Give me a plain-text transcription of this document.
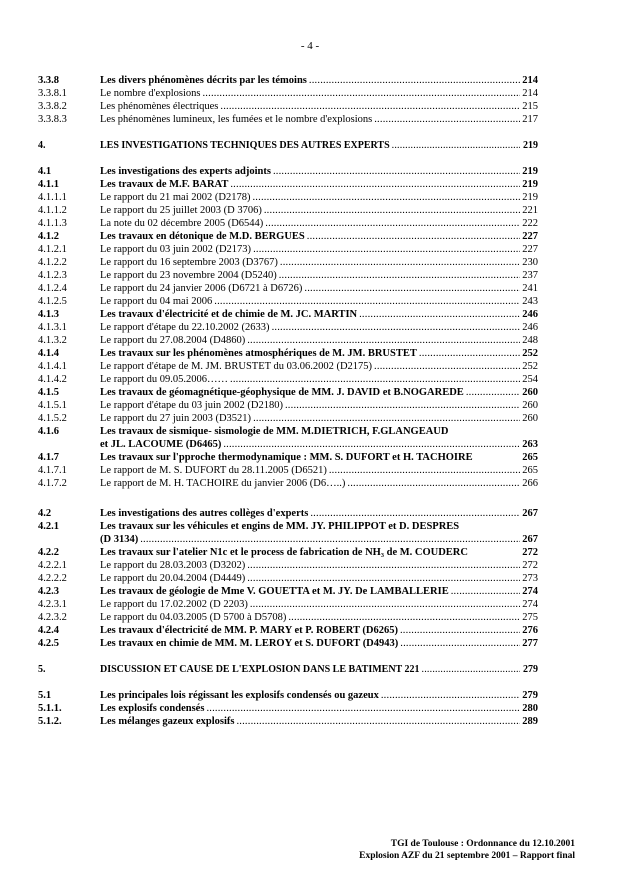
- 4 -
3.3.8	Les divers phénomènes décrits par les témoins .....	214
3.3.8.1	Le nombre d'explosions .....	214
3.3.8.2	Les phénomènes électriques .....	215
3.3.8.3	Les phénomènes lumineux, les fumées et le nombre d'explosions .....	217
4.	LES INVESTIGATIONS TECHNIQUES DES AUTRES EXPERTS .....	219
4.1	Les investigations des experts adjoints .....	219
4.1.1	Les travaux de M.F. BARAT .....	219
4.1.1.1	Le rapport du 21 mai 2002 (D2178) .....	219
4.1.1.2	Le rapport du 25 juillet 2003 (D 3706) .....	221
4.1.1.3	La note du 02 décembre 2005 (D6544) .....	222
4.1.2	Les travaux en détonique de M.D. BERGUES .....	227
4.1.2.1	Le rapport du 03 juin 2002 (D2173) .....	227
4.1.2.2	Le rapport du 16 septembre 2003 (D3767) .....	230
4.1.2.3	Le rapport du 23 novembre 2004 (D5240) .....	237
4.1.2.4	Le rapport du 24 janvier 2006 (D6721 à D6726) .....	241
4.1.2.5	Le rapport du 04 mai 2006 .....	243
4.1.3	Les travaux d'électricité et de chimie de M. JC. MARTIN .....	246
4.1.3.1	Le rapport d'étape du 22.10.2002 (2633) .....	246
4.1.3.2	Le rapport du 27.08.2004 (D4860) .....	248
4.1.4	Les travaux sur les phénomènes atmosphériques de M. JM. BRUSTET .....	252
4.1.4.1	Le rapport d'étape de M. JM. BRUSTET du 03.06.2002 (D2175) .....	252
4.1.4.2	Le rapport du 09.05.2006…… .....	254
4.1.5	Les travaux de géomagnétique-géophysique de MM. J. DAVID et B.NOGAREDE .....	260
4.1.5.1	Le rapport d'étape du 03 juin 2002 (D2180) .....	260
4.1.5.2	Le rapport du 27 juin 2003 (D3521) .....	260
4.1.6	Les travaux de sismique- sismologie de MM. M.DIETRICH, F.GLANGEAUD
et JL. LACOUME (D6465) .....	263
4.1.7	Les travaux sur l'pproche thermodynamique : MM. S. DUFORT et H. TACHOIRE	265
4.1.7.1	Le rapport de M. S. DUFORT du 28.11.2005 (D6521) .....	265
4.1.7.2	Le rapport de M. H. TACHOIRE du janvier 2006 (D6…..) .....	266
4.2	Les investigations des autres collèges d'experts .....	267
4.2.1	Les travaux sur les véhicules et engins de MM. JY. PHILIPPOT et D. DESPRES
(D 3134) .....	267
4.2.2	Les travaux sur l'atelier N1c et le process de fabrication de NH₃ de M. COUDERC	272
4.2.2.1	Le rapport du 28.03.2003 (D3202) .....	272
4.2.2.2	Le rapport du 20.04.2004 (D4449) .....	273
4.2.3	Les travaux de géologie de Mme V. GOUETTA et M. JY. De LAMBALLERIE .....	274
4.2.3.1	Le rapport du 17.02.2002 (D 2203) .....	274
4.2.3.2	Le rapport du 04.03.2005 (D 5700 à D5708) .....	275
4.2.4	Les travaux d'électricité de MM. P. MARY et P. ROBERT (D6265) .....	276
4.2.5	Les travaux en chimie de MM. M. LEROY et S. DUFORT (D4943) .....	277
5.	DISCUSSION ET CAUSE DE L'EXPLOSION DANS LE BATIMENT 221 .....	279
5.1	Les principales lois régissant les explosifs condensés ou gazeux .....	279
5.1.1.	Les explosifs condensés .....	280
5.1.2.	Les mélanges gazeux explosifs .....	289
TGI de Toulouse : Ordonnance du 12.10.2001
Explosion AZF du 21 septembre 2001 – Rapport final
